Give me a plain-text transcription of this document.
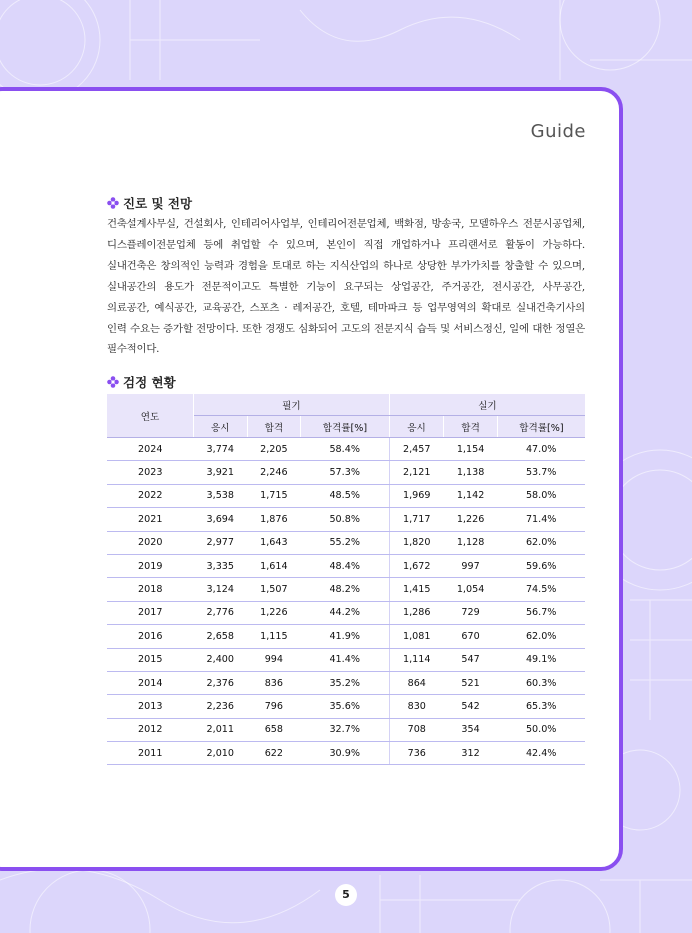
Guide
진로 및 전망
건축설계사무실, 건설회사, 인테리어사업부, 인테리어전문업체, 백화점, 방송국, 모델하우스 전문시공업체, 디스플레이전문업체 등에 취업할 수 있으며, 본인이 직접 개업하거나 프리랜서로 활동이 가능하다. 실내건축은 창의적인 능력과 경험을 토대로 하는 지식산업의 하나로 상당한 부가가치를 창출할 수 있으며, 실내공간의 용도가 전문적이고도 특별한 기능이 요구되는 상업공간, 주거공간, 전시공간, 사무공간, 의료공간, 예식공간, 교육공간, 스포츠 · 레저공간, 호텔, 테마파크 등 업무영역의 확대로 실내건축기사의 인력 수요는 증가할 전망이다. 또한 경쟁도 심화되어 고도의 전문지식 습득 및 서비스정신, 일에 대한 정열은 필수적이다.
검정 현황
연도	필기			실기		
	응시	합격	합격률[%]	응시	합격	합격률[%]
2024	3,774	2,205	58.4%	2,457	1,154	47.0%
2023	3,921	2,246	57.3%	2,121	1,138	53.7%
2022	3,538	1,715	48.5%	1,969	1,142	58.0%
2021	3,694	1,876	50.8%	1,717	1,226	71.4%
2020	2,977	1,643	55.2%	1,820	1,128	62.0%
2019	3,335	1,614	48.4%	1,672	997	59.6%
2018	3,124	1,507	48.2%	1,415	1,054	74.5%
2017	2,776	1,226	44.2%	1,286	729	56.7%
2016	2,658	1,115	41.9%	1,081	670	62.0%
2015	2,400	994	41.4%	1,114	547	49.1%
2014	2,376	836	35.2%	864	521	60.3%
2013	2,236	796	35.6%	830	542	65.3%
2012	2,011	658	32.7%	708	354	50.0%
2011	2,010	622	30.9%	736	312	42.4%
5
